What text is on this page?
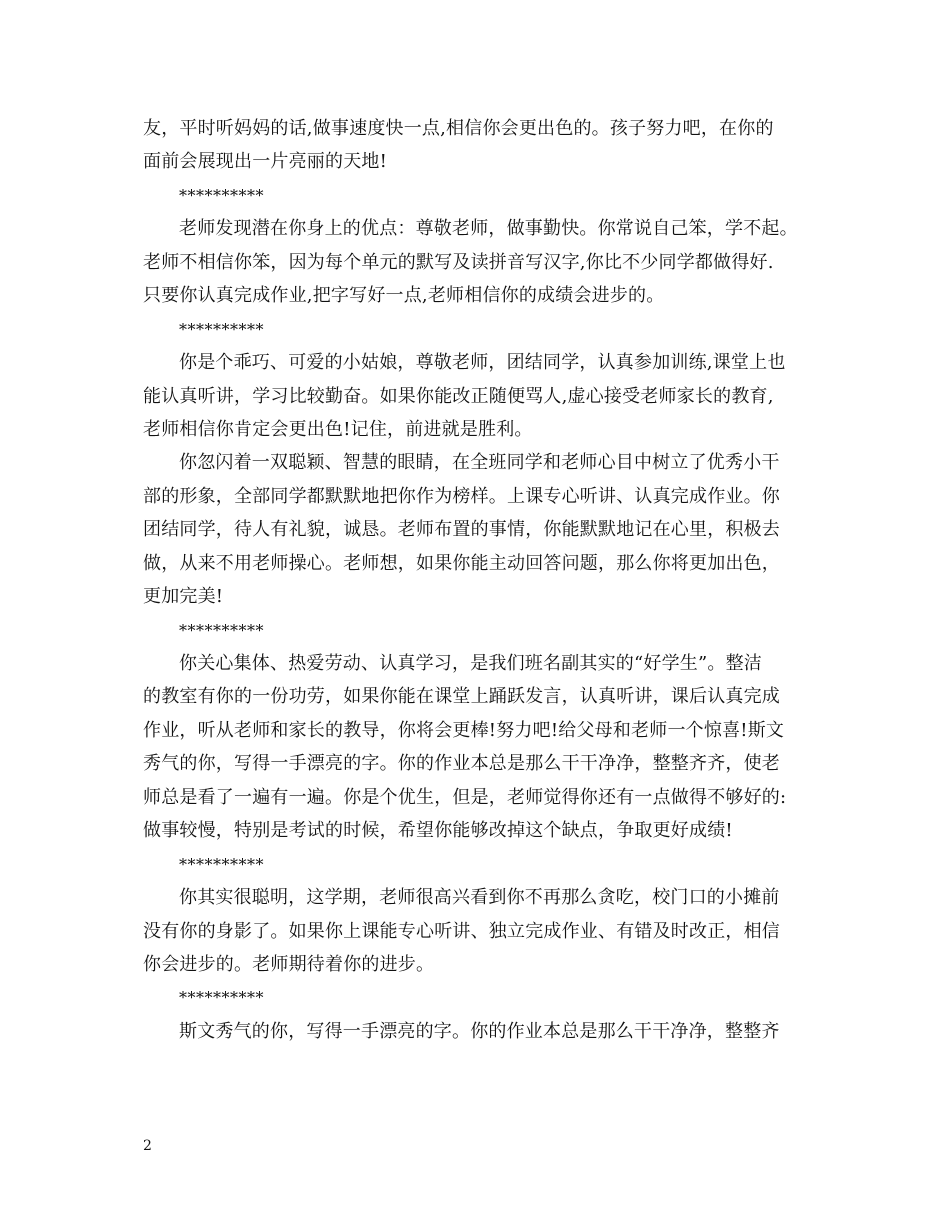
友，平时听妈妈的话,做事速度快一点,相信你会更出色的。孩子努力吧，在你的
面前会展现出一片亮丽的天地!
**********
老师发现潜在你身上的优点：尊敬老师，做事勤快。你常说自己笨，学不起。
老师不相信你笨，因为每个单元的默写及读拼音写汉字,你比不少同学都做得好.
只要你认真完成作业,把字写好一点,老师相信你的成绩会进步的。
**********
你是个乖巧、可爱的小姑娘，尊敬老师，团结同学，认真参加训练,课堂上也
能认真听讲，学习比较勤奋。如果你能改正随便骂人,虚心接受老师家长的教育,
老师相信你肯定会更出色!记住，前进就是胜利。
你忽闪着一双聪颖、智慧的眼睛，在全班同学和老师心目中树立了优秀小干
部的形象，全部同学都默默地把你作为榜样。上课专心听讲、认真完成作业。你
团结同学，待人有礼貌，诚恳。老师布置的事情，你能默默地记在心里，积极去
做，从来不用老师操心。老师想，如果你能主动回答问题，那么你将更加出色，
更加完美!
**********
你关心集体、热爱劳动、认真学习，是我们班名副其实的“好学生”。整洁
的教室有你的一份功劳，如果你能在课堂上踊跃发言，认真听讲，课后认真完成
作业，听从老师和家长的教导，你将会更棒!努力吧!给父母和老师一个惊喜!斯文
秀气的你，写得一手漂亮的字。你的作业本总是那么干干净净，整整齐齐，使老
师总是看了一遍有一遍。你是个优生，但是，老师觉得你还有一点做得不够好的:
做事较慢，特别是考试的时候，希望你能够改掉这个缺点，争取更好成绩!
**********
你其实很聪明，这学期，老师很高兴看到你不再那么贪吃，校门口的小摊前
没有你的身影了。如果你上课能专心听讲、独立完成作业、有错及时改正，相信
你会进步的。老师期待着你的进步。
**********
斯文秀气的你，写得一手漂亮的字。你的作业本总是那么干干净净，整整齐
2
